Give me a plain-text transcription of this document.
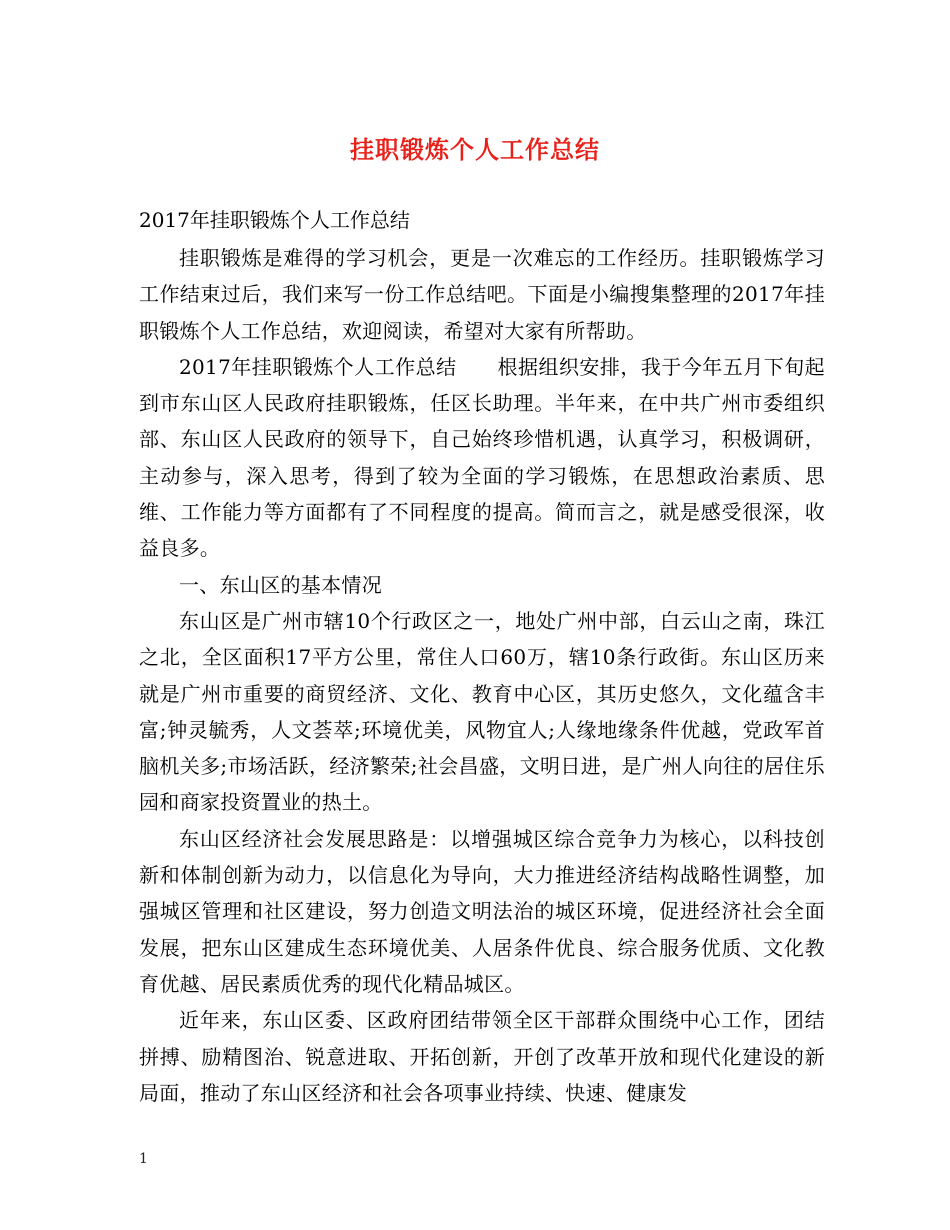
挂职锻炼个人工作总结
2017年挂职锻炼个人工作总结

挂职锻炼是难得的学习机会，更是一次难忘的工作经历。挂职锻炼学习工作结束过后，我们来写一份工作总结吧。下面是小编搜集整理的2017年挂职锻炼个人工作总结，欢迎阅读，希望对大家有所帮助。

2017年挂职锻炼个人工作总结　　根据组织安排，我于今年五月下旬起到市东山区人民政府挂职锻炼，任区长助理。半年来，在中共广州市委组织部、东山区人民政府的领导下，自己始终珍惜机遇，认真学习，积极调研，主动参与，深入思考，得到了较为全面的学习锻炼，在思想政治素质、思维、工作能力等方面都有了不同程度的提高。简而言之，就是感受很深，收益良多。

一、东山区的基本情况

东山区是广州市辖10个行政区之一，地处广州中部，白云山之南，珠江之北，全区面积17平方公里，常住人口60万，辖10条行政街。东山区历来就是广州市重要的商贸经济、文化、教育中心区，其历史悠久，文化蕴含丰富;钟灵毓秀，人文荟萃;环境优美，风物宜人;人缘地缘条件优越，党政军首脑机关多;市场活跃，经济繁荣;社会昌盛，文明日进，是广州人向往的居住乐园和商家投资置业的热土。

东山区经济社会发展思路是：以增强城区综合竞争力为核心，以科技创新和体制创新为动力，以信息化为导向，大力推进经济结构战略性调整，加强城区管理和社区建设，努力创造文明法治的城区环境，促进经济社会全面发展，把东山区建成生态环境优美、人居条件优良、综合服务优质、文化教育优越、居民素质优秀的现代化精品城区。

近年来，东山区委、区政府团结带领全区干部群众围绕中心工作，团结拼搏、励精图治、锐意进取、开拓创新，开创了改革开放和现代化建设的新局面，推动了东山区经济和社会各项事业持续、快速、健康发

1
